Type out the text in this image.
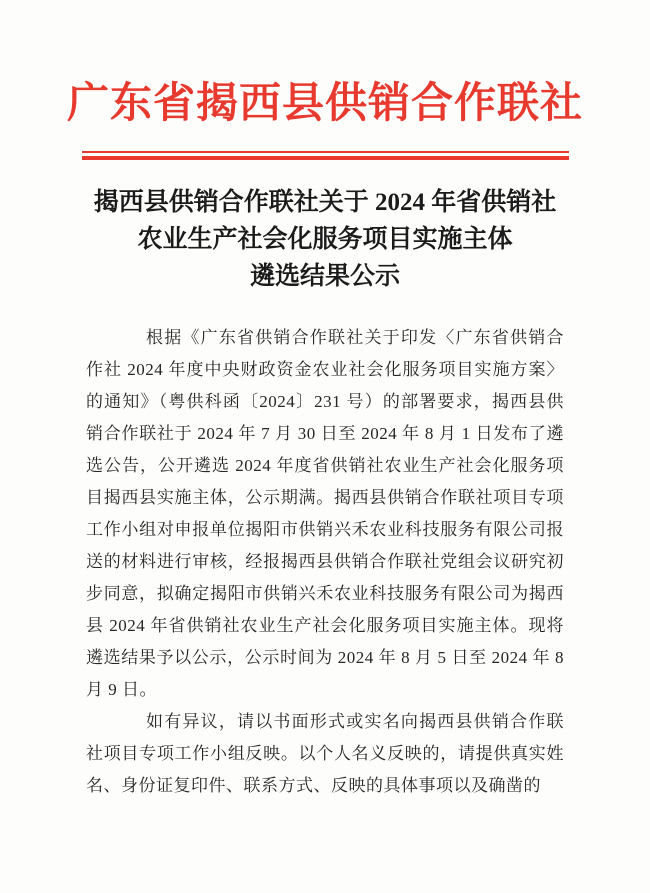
广东省揭西县供销合作联社
揭西县供销合作联社关于 2024 年省供销社
农业生产社会化服务项目实施主体
遴选结果公示

根据《广东省供销合作联社关于印发〈广东省供销合作社 2024 年度中央财政资金农业社会化服务项目实施方案〉的通知》（粤供科函〔2024〕231 号）的部署要求，揭西县供销合作联社于 2024 年 7 月 30 日至 2024 年 8 月 1 日发布了遴选公告，公开遴选 2024 年度省供销社农业生产社会化服务项目揭西县实施主体，公示期满。揭西县供销合作联社项目专项工作小组对申报单位揭阳市供销兴禾农业科技服务有限公司报送的材料进行审核，经报揭西县供销合作联社党组会议研究初步同意，拟确定揭阳市供销兴禾农业科技服务有限公司为揭西县 2024 年省供销社农业生产社会化服务项目实施主体。现将遴选结果予以公示，公示时间为 2024 年 8 月 5 日至 2024 年 8 月 9 日。

如有异议，请以书面形式或实名向揭西县供销合作联社项目专项工作小组反映。以个人名义反映的，请提供真实姓名、身份证复印件、联系方式、反映的具体事项以及确凿的
